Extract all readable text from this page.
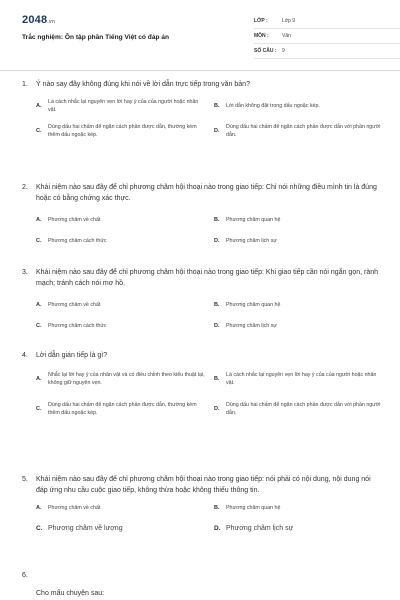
2048.vn
Trắc nghiệm: Ôn tập phần Tiếng Việt có đáp án
LỚP :	Lớp 9
MÔN :	Văn
SỐ CÂU :	9
1.	Ý nào say đây không đúng khi nói về lời dẫn trực tiếp trong văn bản?
A.
Là cách nhắc lại nguyên vẹn lời hay ý của của người hoặc nhân vật.
B.	Lời dẫn không đặt trong dấu ngoặc kép.
C.
Dùng dấu hai chấm để ngăn cách phần được dẫn, thường kèm thêm dấu ngoặc kép.
D.
Dùng dấu hai chấm để ngăn cách phần được dẫn với phần người dẫn.
2.	Khái niệm nào sau đây để chỉ phương châm hội thoại nào trong giao tiếp: Chỉ nói những điều mình tin là đúng hoặc có bằng chứng xác thực.
A.	Phương châm về chất	B.	Phương châm quan hệ
C.	Phương châm cách thức	D.	Phương châm lịch sự
3.	Khái niệm nào sau đây để chỉ phương châm hội thoại nào trong giao tiếp: Khi giao tiếp cần nói ngắn gọn, rành mạch; tránh cách nói mơ hồ.
A.	Phương châm về chất	B.	Phương châm quan hệ
C.	Phương châm cách thức	D.	Phương châm lịch sự
4.	Lời dẫn gián tiếp là gì?
A.
Nhắc lại lời hay ý của nhân vật và có điều chỉnh theo kiểu thuật lại, không giữ nguyên vẹn.
B.
Là cách nhắc lại nguyên vẹn lời hay ý của của người hoặc nhân vật.
C.
Dùng dấu hai chấm để ngăn cách phần được dẫn, thường kèm thêm dấu ngoặc kép.
D.
Dùng dấu hai chấm để ngăn cách phần được dẫn với phần người dẫn.
5.	Khái niệm nào sau đây để chỉ phương châm hội thoại nào trong giao tiếp: nói phải có nội dung, nội dung nói đáp ứng nhu cầu cuộc giao tiếp, không thừa hoặc không thiếu thông tin.
A.	Phương châm về chất	B.	Phương châm quan hệ
C. Phương châm về lượng	D. Phương châm lịch sự
6.
Cho mẩu chuyện sau:
